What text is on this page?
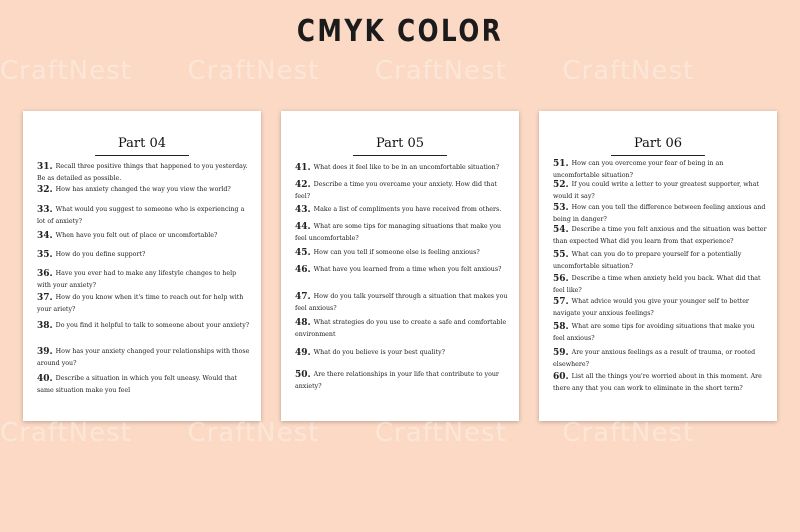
CMYK COLOR
CraftNest CraftNest CraftNest CraftNest
Part 04
31. Recall three positive things that happened to you yesterday. Be as detailed as possible.
32. How has anxiety changed the way you view the world?
33. What would you suggest to someone who is experiencing a lot of anxiety?
34. When have you felt out of place or uncomfortable?
35. How do you define support?
36. Have you ever had to make any lifestyle changes to help with your anxiety?
37. How do you know when it's time to reach out for help with your ariety?
38. Do you find it helpful to talk to someone about your anxiety?
39. How has your anxiety changed your relationships with those around you?
40. Describe a situation in which you felt uneasy. Would that same situation make you feel
Part 05
41. What does it feel like to be in an uncomfortable situation?
42. Describe a time you overcame your anxiety. How did that feel?
43. Make a list of compliments you have received from others.
44. What are some tips for managing situations that make you feel uncomfortable?
45. How can you tell if someone else is feeling anxious?
46. What have you learned from a time when you felt anxious?
47. How do you talk yourself through a situation that makes you feel anxious?
48. What strategies do you use to create a safe and comfortable environment
49. What do you believe is your best quality?
50. Are there relationships in your life that contribute to your anxiety?
Part 06
51. How can you overcome your fear of being in an uncomfortable situation?
52. If you could write a letter to your greatest supporter, what would it say?
53. How can you tell the difference between feeling anxious and being in danger?
54. Describe a time you felt anxious and the situation was better than expected What did you learn from that experience?
55. What can you do to prepare yourself for a potentially uncomfortable situation?
56. Describe a time when anxiety held you back. What did that feel like?
57. What advice would you give your younger self to better navigate your anxious feelings?
58. What are some tips for avoiding situations that make you feel anxious?
59. Are your anxious feelings as a result of trauma, or rooted elsewhere?
60. List all the things you're worried about in this moment. Are there any that you can work to eliminate in the short term?
CraftNest CraftNest CraftNest CraftNest
